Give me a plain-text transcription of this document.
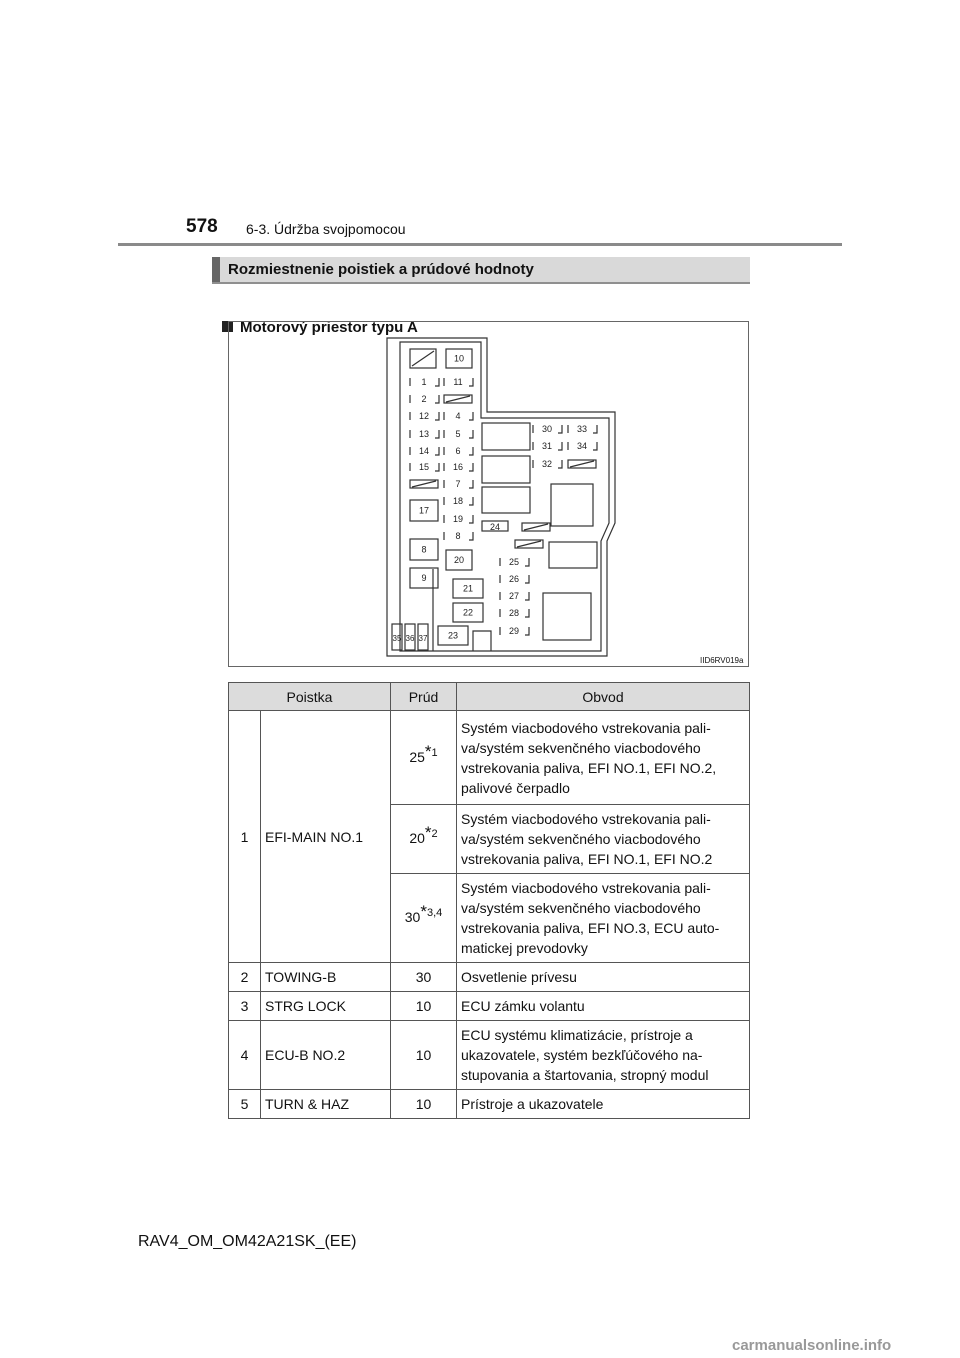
578 6-3. Údržba svojpomocou
Rozmiestnenie poistiek a prúdové hodnoty
Motorový priestor typu A
1	11
2
12	4
13	5
14	6
15	16
7
18
19
8
25
26
27
28
29
30	33
31	34
32
24
10
17
8
20
9
21
22
23
35 36 37
IID6RV019a
Poistka		Prúd	Obvod
1	EFI-MAIN NO.1	25*$^1$	Systém viacbodového vstrekovania pali-va/systém sekvenčného viacbodového vstrekovania paliva, EFI NO.1, EFI NO.2, palivové čerpadlo
		20*$^2$	Systém viacbodového vstrekovania pali-va/systém sekvenčného viacbodového vstrekovania paliva, EFI NO.1, EFI NO.2
		30*$^{3,4}$	Systém viacbodového vstrekovania pali-va/systém sekvenčného viacbodového vstrekovania paliva, EFI NO.3, ECU auto-matickej prevodovky
2	TOWING-B	30	Osvetlenie prívesu
3	STRG LOCK	10	ECU zámku volantu
4	ECU-B NO.2	10	ECU systému klimatizácie, prístroje a ukazovatele, systém bezkľúčového na-stupovania a štartovania, stropný modul
5	TURN & HAZ	10	Prístroje a ukazovatele
RAV4_OM_OM42A21SK_(EE)
carmanualsonline.info
